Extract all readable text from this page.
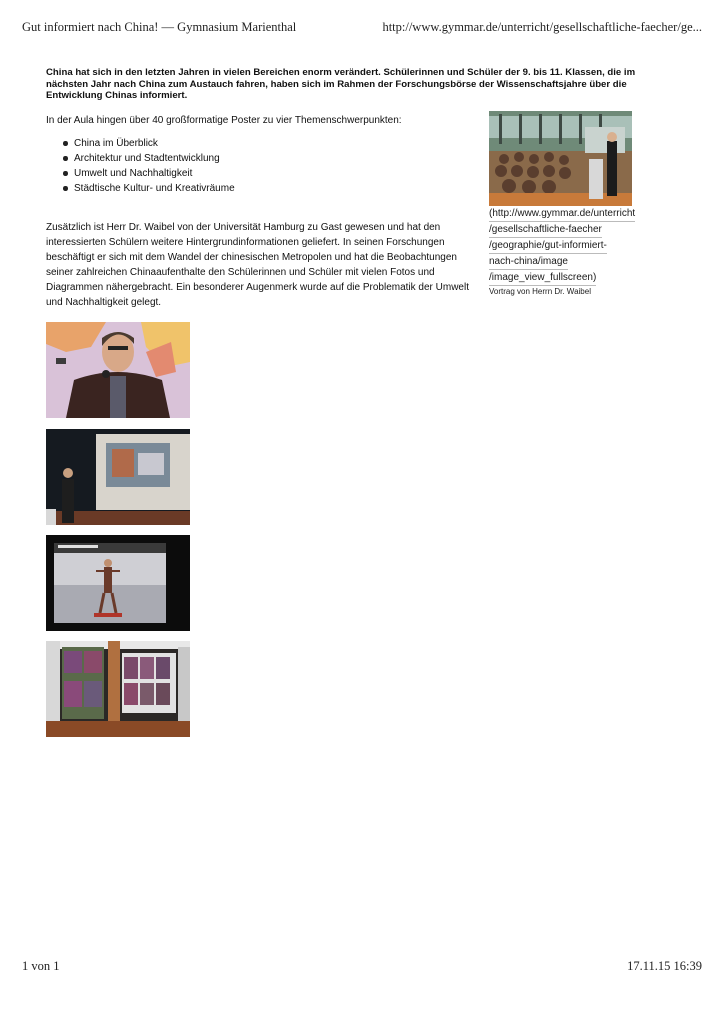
Gut informiert nach China! — Gymnasium Marienthal	http://www.gymmar.de/unterricht/gesellschaftliche-faecher/ge...

China hat sich in den letzten Jahren in vielen Bereichen enorm verändert. Schülerinnen und Schüler der 9. bis 11. Klassen, die im nächsten Jahr nach China zum Austauch fahren, haben sich im Rahmen der Forschungsbörse der Wissenschaftsjahre über die Entwicklung Chinas informiert.

In der Aula hingen über 40 großformatige Poster zu vier Themenschwerpunkten:

China im Überblick
Architektur und Stadtentwicklung
Umwelt und Nachhaltigkeit
Städtische Kultur- und Kreativräume

Zusätzlich ist Herr Dr. Waibel von der Universität Hamburg zu Gast gewesen und hat den interessierten Schülern weitere Hintergrundinformationen geliefert. In seinen Forschungen beschäftigt er sich mit dem Wandel der chinesischen Metropolen und hat die Beobachtungen seiner zahlreichen Chinaaufenthalte den Schülerinnen und Schüler mit vielen Fotos und Diagrammen nähergebracht. Ein besonderer Augenmerk wurde auf die Problematik der Umwelt und Nachhaltigkeit gelegt.

(http://www.gymmar.de/unterricht
/gesellschaftliche-faecher
/geographie/gut-informiert-
nach-china/image
/image_view_fullscreen)
Vortrag von Herrn Dr. Waibel
1 von 1	17.11.15 16:39
